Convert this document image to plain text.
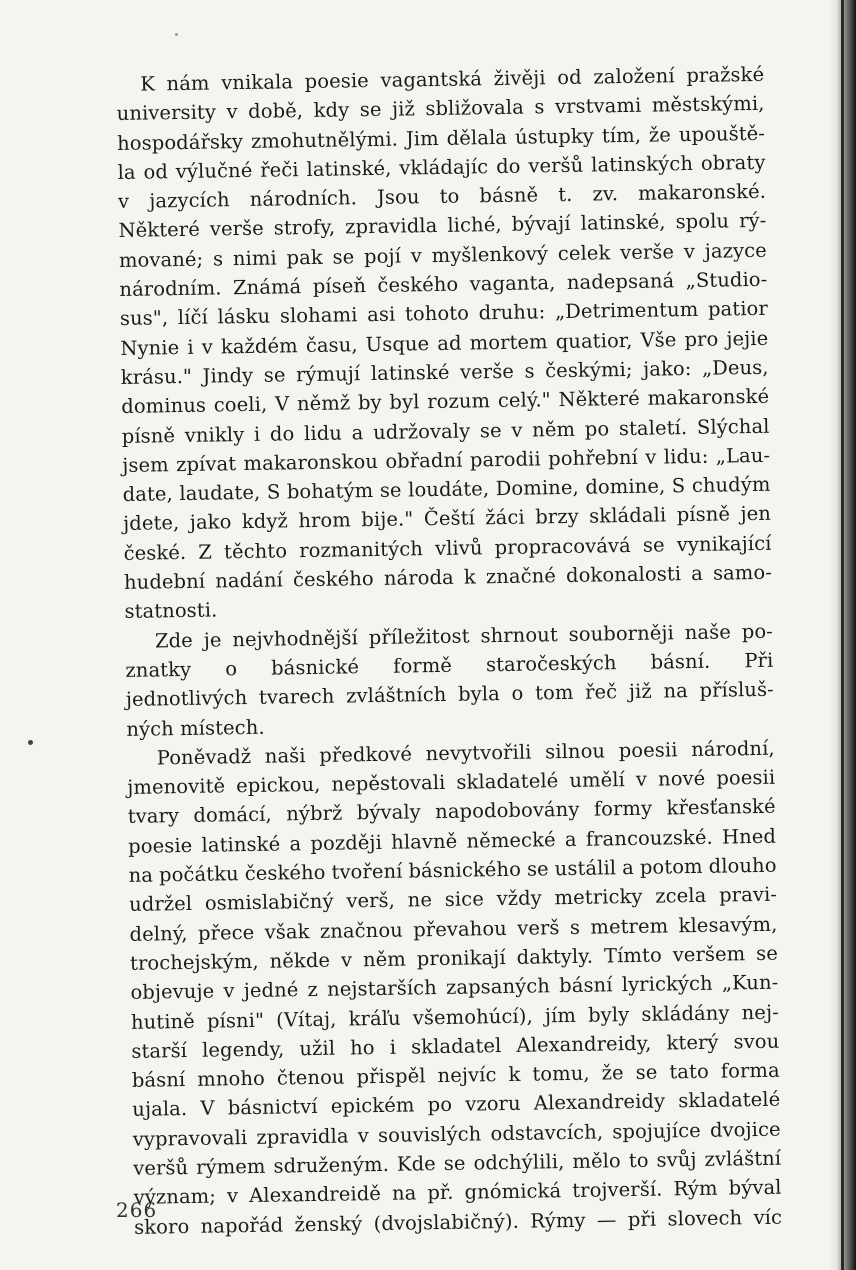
K nám vnikala poesie vagantská živěji od založení pražské
university v době, kdy se již sbližovala s vrstvami městskými,
hospodářsky zmohutnělými. Jim dělala ústupky tím, že upouště-
la od výlučné řeči latinské, vkládajíc do veršů latinských obraty
v jazycích národních. Jsou to básně t. zv. makaronské.
Některé verše strofy, zpravidla liché, bývají latinské, spolu rý-
mované; s nimi pak se pojí v myšlenkový celek verše v jazyce
národním. Známá píseň českého vaganta, nadepsaná „Studio-
sus", líčí lásku slohami asi tohoto druhu: „Detrimentum patior
Nynie i v každém času, Usque ad mortem quatior, Vše pro jejie
krásu." Jindy se rýmují latinské verše s českými; jako: „Deus,
dominus coeli, V němž by byl rozum celý." Některé makaronské
písně vnikly i do lidu a udržovaly se v něm po staletí. Slýchal
jsem zpívat makaronskou obřadní parodii pohřební v lidu: „Lau-
date, laudate, S bohatým se loudáte, Domine, domine, S chudým
jdete, jako když hrom bije." Čeští žáci brzy skládali písně jen
české. Z těchto rozmanitých vlivů propracovává se vynikající
hudební nadání českého národa k značné dokonalosti a samo-
statnosti.
Zde je nejvhodnější příležitost shrnout souborněji naše po-
znatky o básnické formě staročeských básní. Při
jednotlivých tvarech zvláštních byla o tom řeč již na přísluš-
ných místech.
Poněvadž naši předkové nevytvořili silnou poesii národní,
jmenovitě epickou, nepěstovali skladatelé umělí v nové poesii
tvary domácí, nýbrž bývaly napodobovány formy křesťanské
poesie latinské a později hlavně německé a francouzské. Hned
na počátku českého tvoření básnického se ustálil a potom dlouho
udržel osmislabičný verš, ne sice vždy metricky zcela pravi-
delný, přece však značnou převahou verš s metrem klesavým,
trochejským, někde v něm pronikají daktyly. Tímto veršem se
objevuje v jedné z nejstarších zapsaných básní lyrických „Kun-
hutině písni" (Vítaj, kráľu všemohúcí), jím byly skládány nej-
starší legendy, užil ho i skladatel Alexandreidy, který svou
básní mnoho čtenou přispěl nejvíc k tomu, že se tato forma
ujala. V básnictví epickém po vzoru Alexandreidy skladatelé
vypravovali zpravidla v souvislých odstavcích, spojujíce dvojice
veršů rýmem sdruženým. Kde se odchýlili, mělo to svůj zvláštní
význam; v Alexandreidě na př. gnómická trojverší. Rým býval
skoro napořád ženský (dvojslabičný). Rýmy — při slovech víc
266
